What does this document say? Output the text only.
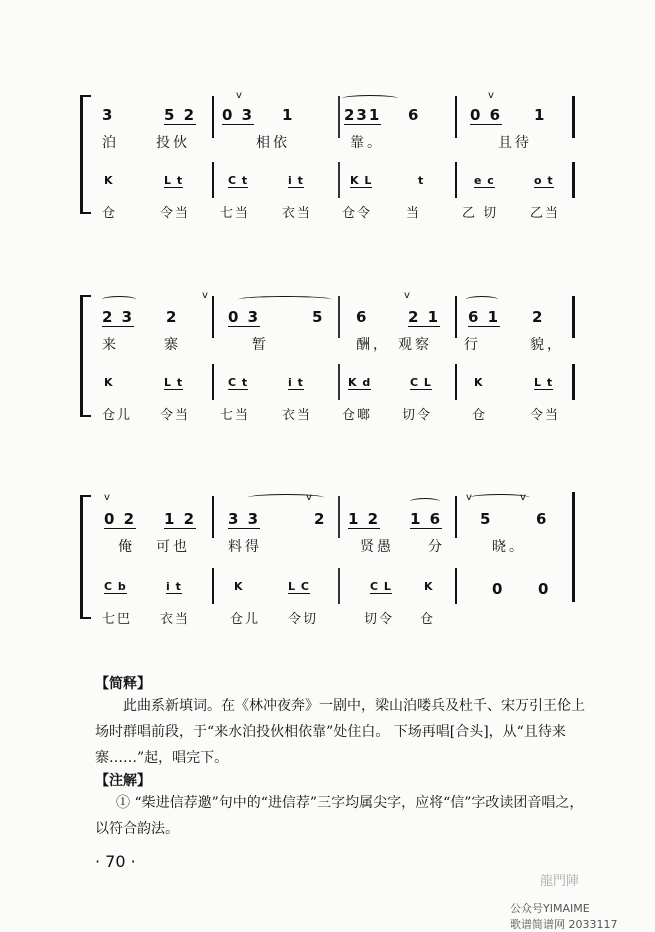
v	v
3	5 2 0 3 1	231 6	0 6 1
泊	投伙	相依	靠。	且待
K	L t	C t	i t	K L	t	e c	o t
仓	令当 七当 衣当 仓令	当	乙 切 乙当
v	v
2 3 2	0 3	5 6	2 1 6 1 2
来	寨	暂	酬， 观察 行	貌，
K	L t	C t	i t	K d	C L	K	L t
仓儿 令当 七当 衣当 仓啷 切令	仓	令当
v	v	v	v
0 2 1 2 3 3	2 1 2 1 6	5	6
俺 可也	料得	贤愚 分	晓。
C b	i t	K	L C	C L	K	0 0
七巴 衣当	仓儿 令切	切令 仓
【简释】

此曲系新填词。在《林冲夜奔》一剧中，梁山泊喽兵及杜千、宋万引王伦上场时群唱前段，于“来水泊投伙相依靠”处住白。 下场再唱[合头]，从“且待来寨……”起，唱完下。

【注解】

① “柴进信荐邀”句中的“进信荐”三字均属尖字，应将“信”字改读团音唱之，以符合韵法。

· 70 ·
龍門陣
公众号YIMAIME
歌谱简谱网 2033117
